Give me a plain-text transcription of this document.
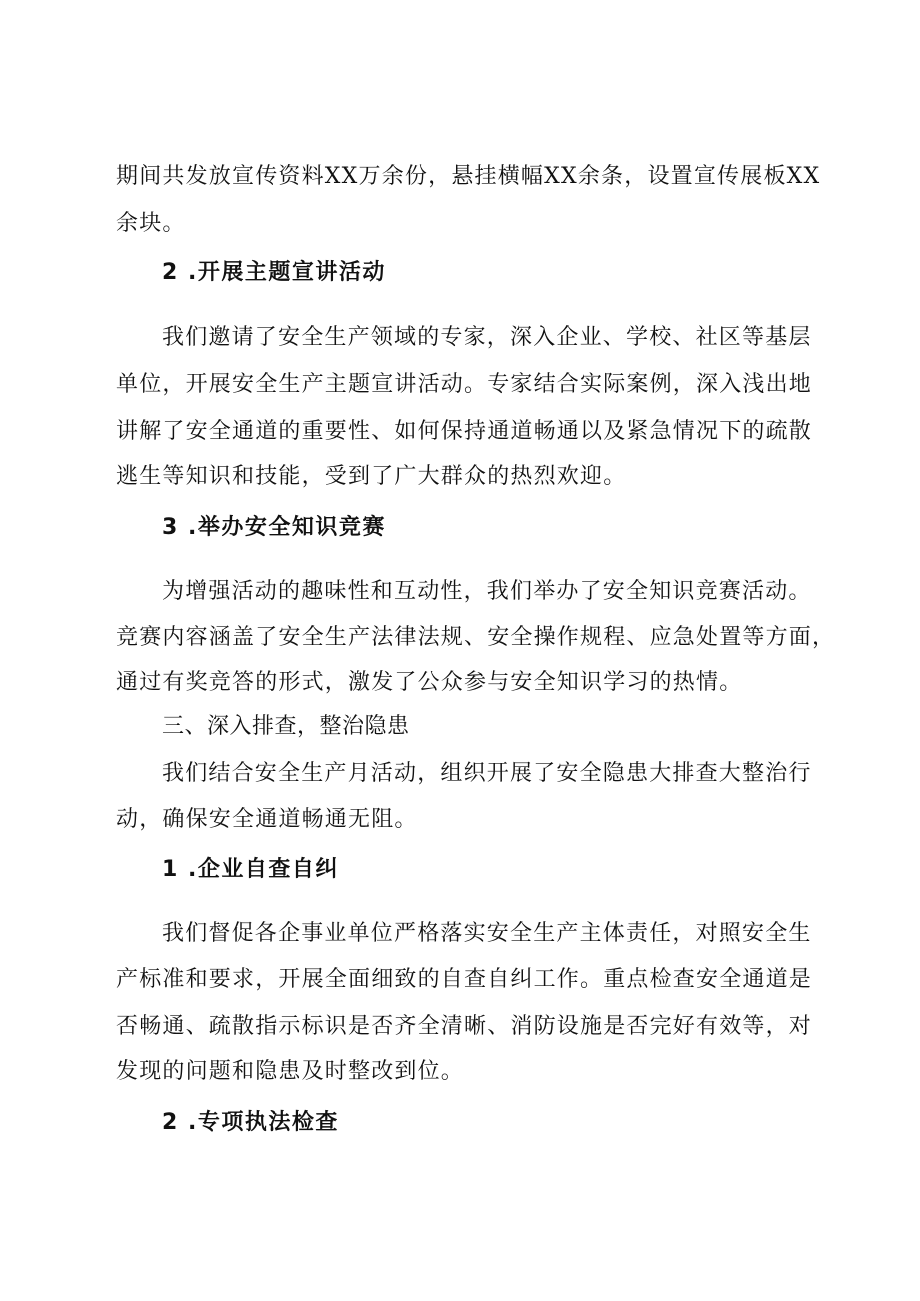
期间共发放宣传资料XX万余份，悬挂横幅XX余条，设置宣传展板XX
余块。
2 .开展主题宣讲活动
我们邀请了安全生产领域的专家，深入企业、学校、社区等基层
单位，开展安全生产主题宣讲活动。专家结合实际案例，深入浅出地
讲解了安全通道的重要性、如何保持通道畅通以及紧急情况下的疏散
逃生等知识和技能，受到了广大群众的热烈欢迎。
3 .举办安全知识竞赛
为增强活动的趣味性和互动性，我们举办了安全知识竞赛活动。
竞赛内容涵盖了安全生产法律法规、安全操作规程、应急处置等方面，
通过有奖竞答的形式，激发了公众参与安全知识学习的热情。
三、深入排查，整治隐患
我们结合安全生产月活动，组织开展了安全隐患大排查大整治行
动，确保安全通道畅通无阻。
1 .企业自查自纠
我们督促各企事业单位严格落实安全生产主体责任，对照安全生
产标准和要求，开展全面细致的自查自纠工作。重点检查安全通道是
否畅通、疏散指示标识是否齐全清晰、消防设施是否完好有效等，对
发现的问题和隐患及时整改到位。
2 .专项执法检查
